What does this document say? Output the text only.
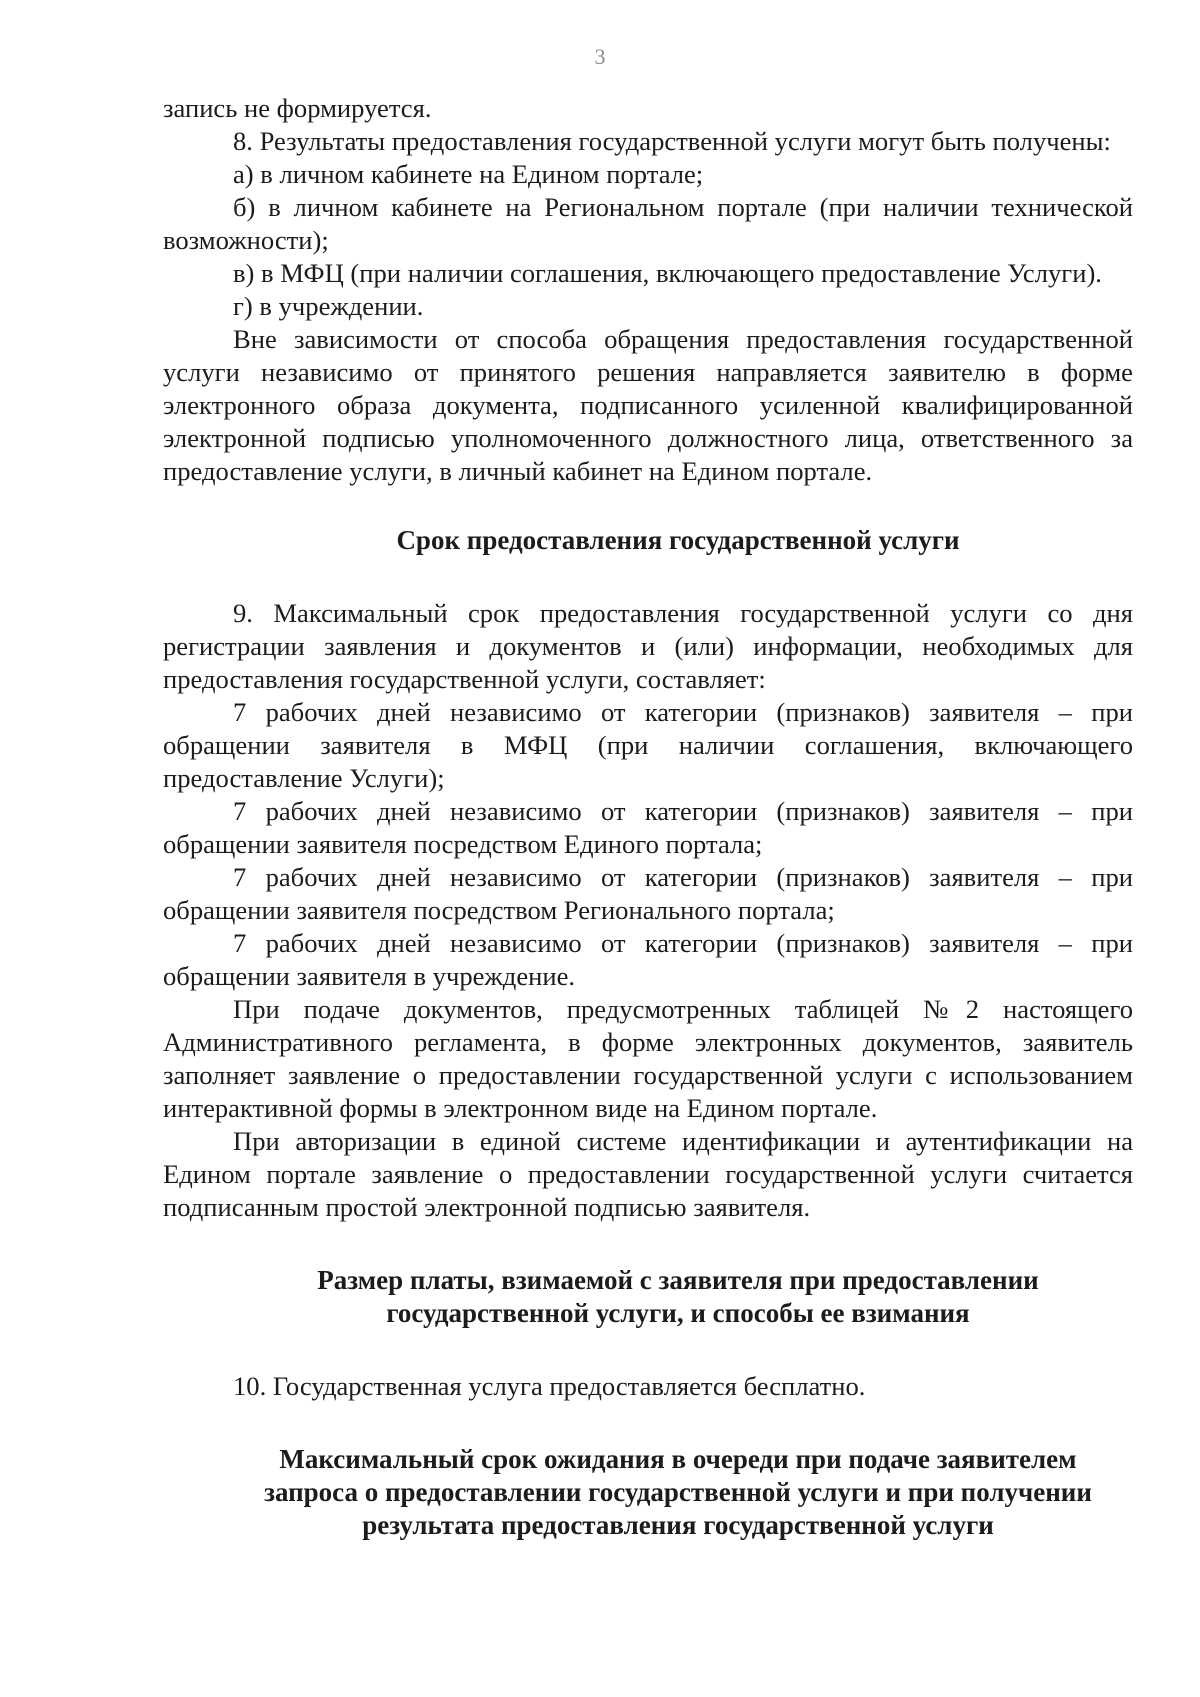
3

запись не формируется.

8. Результаты предоставления государственной услуги могут быть получены:

а) в личном кабинете на Едином портале;

б) в личном кабинете на Региональном портале (при наличии технической возможности);

в) в МФЦ (при наличии соглашения, включающего предоставление Услуги).

г) в учреждении.

Вне зависимости от способа обращения предоставления государственной услуги независимо от принятого решения направляется заявителю в форме электронного образа документа, подписанного усиленной квалифицированной электронной подписью уполномоченного должностного лица, ответственного за предоставление услуги, в личный кабинет на Едином портале.

Срок предоставления государственной услуги

9. Максимальный срок предоставления государственной услуги со дня регистрации заявления и документов и (или) информации, необходимых для предоставления государственной услуги, составляет:

7 рабочих дней независимо от категории (признаков) заявителя – при обращении заявителя в МФЦ (при наличии соглашения, включающего предоставление Услуги);

7 рабочих дней независимо от категории (признаков) заявителя – при обращении заявителя посредством Единого портала;

7 рабочих дней независимо от категории (признаков) заявителя – при обращении заявителя посредством Регионального портала;

7 рабочих дней независимо от категории (признаков) заявителя – при обращении заявителя в учреждение.

При подаче документов, предусмотренных таблицей №2 настоящего Административного регламента, в форме электронных документов, заявитель заполняет заявление о предоставлении государственной услуги с использованием интерактивной формы в электронном виде на Едином портале.

При авторизации в единой системе идентификации и аутентификации на Едином портале заявление о предоставлении государственной услуги считается подписанным простой электронной подписью заявителя.

Размер платы, взимаемой с заявителя при предоставлении
государственной услуги, и способы ее взимания

10. Государственная услуга предоставляется бесплатно.

Максимальный срок ожидания в очереди при подаче заявителем
запроса о предоставлении государственной услуги и при получении
результата предоставления государственной услуги
